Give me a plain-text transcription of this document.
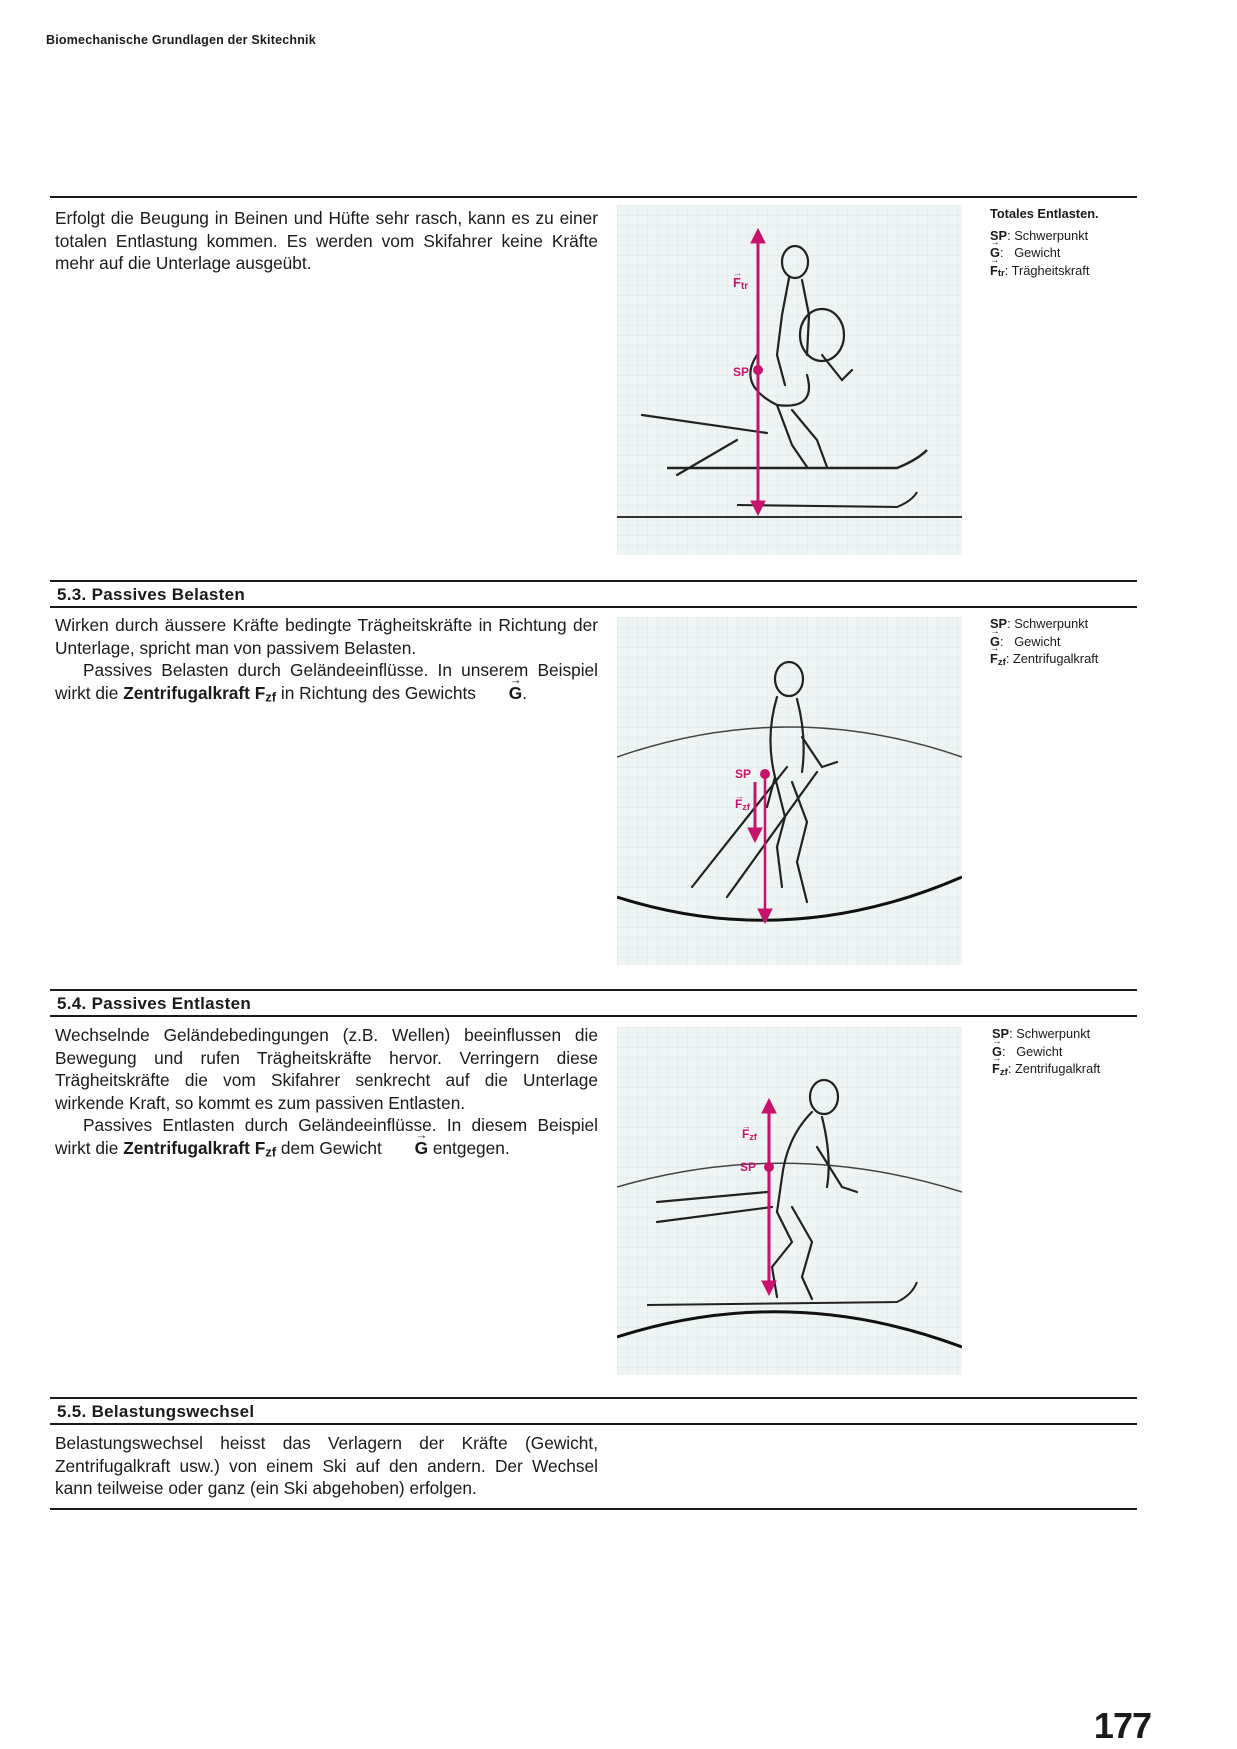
Biomechanische Grundlagen der Skitechnik

Erfolgt die Beugung in Beinen und Hüfte sehr rasch, kann es zu einer totalen Entlastung kommen. Es werden vom Skifahrer keine Kräfte mehr auf die Unterlage ausgeübt.

→ Ftr
SP
Totales Entlasten.
SP: Schwerpunkt
→ G:   Gewicht
→ Ftr: Trägheitskraft
5.3. Passives Belasten

Wirken durch äussere Kräfte bedingte Trägheitskräfte in Richtung der Unterlage, spricht man von passivem Belasten.

Passives Belasten durch Geländeeinflüsse. In unserem Beispiel wirkt die Zentrifugalkraft $F_{zf}$ in Richtung des Gewichts → G.

SP
→ $F_{zf}$
SP: Schwerpunkt
→ G:   Gewicht
→ Fzf: Zentrifugalkraft
5.4. Passives Entlasten

Wechselnde Geländebedingungen (z.B. Wellen) beeinflussen die Bewegung und rufen Trägheitskräfte hervor. Verringern diese Trägheitskräfte die vom Skifahrer senkrecht auf die Unterlage wirkende Kraft, so kommt es zum passiven Entlasten.

Passives Entlasten durch Geländeeinflüsse. In diesem Beispiel wirkt die Zentrifugalkraft $F_{zf}$ dem Gewicht → G entgegen.

→ $F_{zf}$
SP
SP: Schwerpunkt
→ G:   Gewicht
→ Fzf: Zentrifugalkraft
5.5. Belastungswechsel

Belastungswechsel heisst das Verlagern der Kräfte (Gewicht, Zentrifugalkraft usw.) von einem Ski auf den andern. Der Wechsel kann teilweise oder ganz (ein Ski abgehoben) erfolgen.

177
